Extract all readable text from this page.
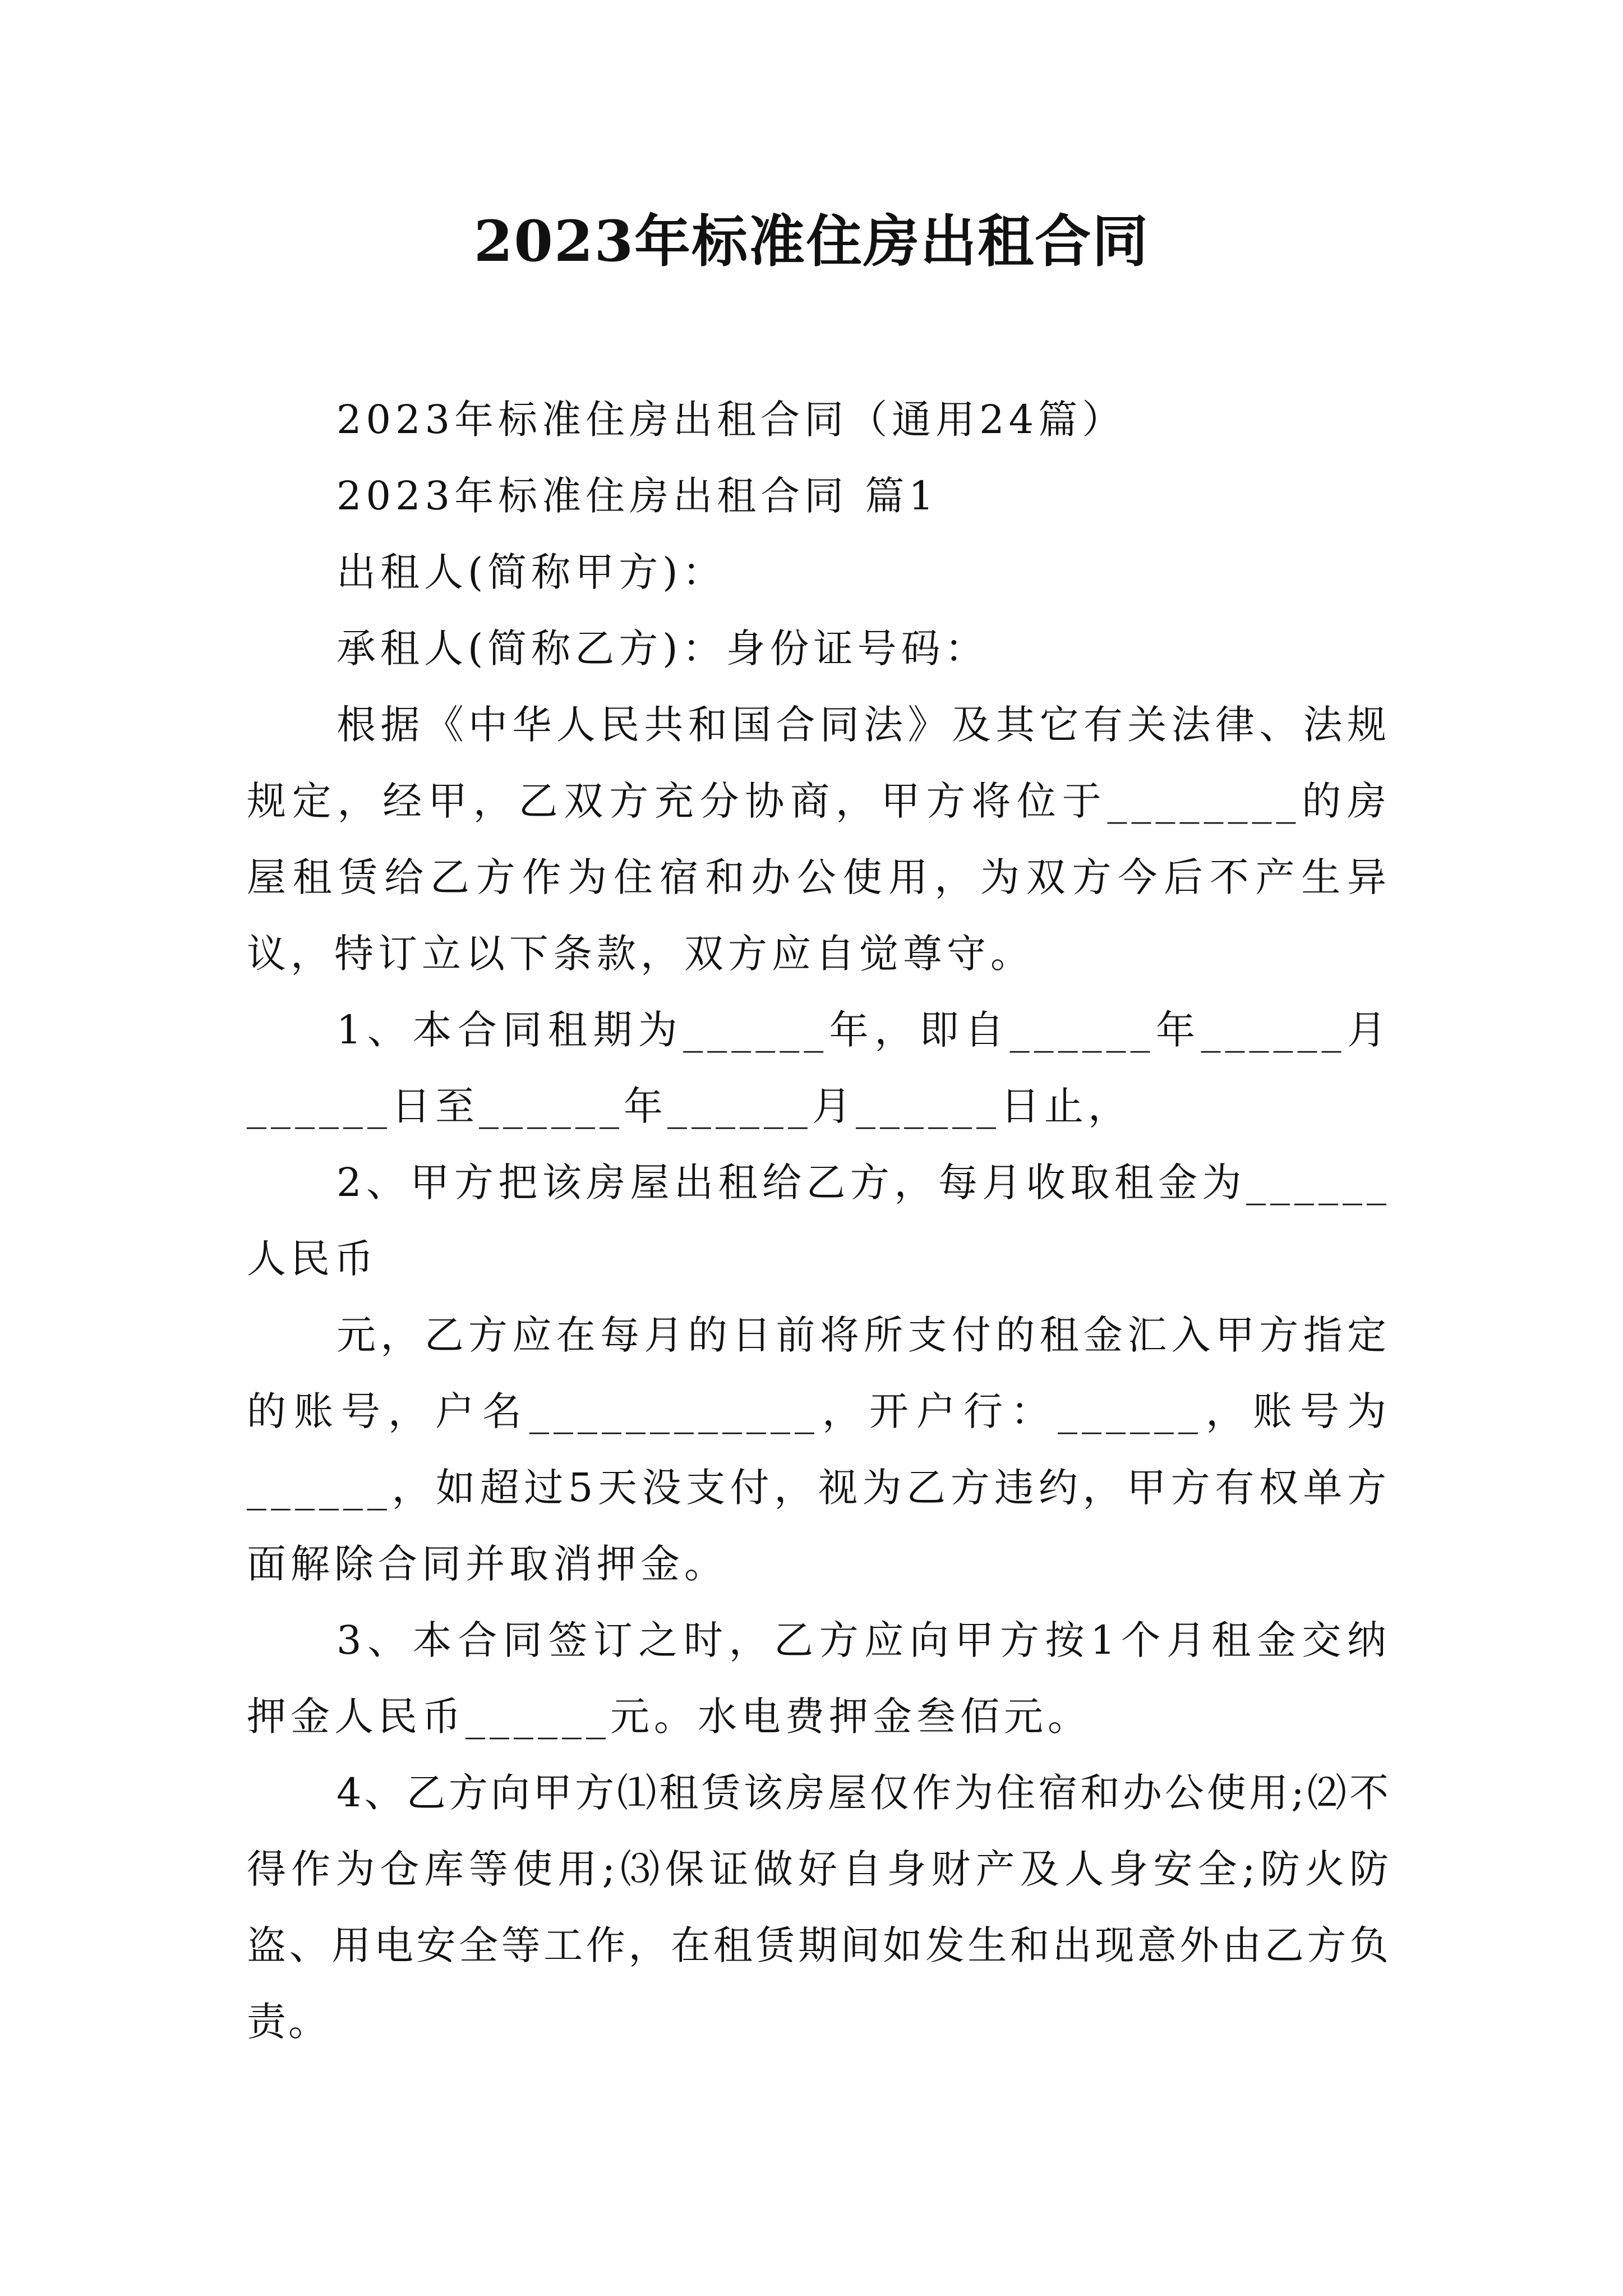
2023年标准住房出租合同

2023年标准住房出租合同（通用24篇）

2023年标准住房出租合同 篇1

出租人(简称甲方)：

承租人(简称乙方)：身份证号码：

根据《中华人民共和国合同法》及其它有关法律、法规规定，经甲，乙双方充分协商，甲方将位于________的房屋租赁给乙方作为住宿和办公使用，为双方今后不产生异议，特订立以下条款，双方应自觉尊守。

1、本合同租期为______年，即自______年______月______日至______年______月______日止，

2、甲方把该房屋出租给乙方，每月收取租金为______人民币

元，乙方应在每月的日前将所支付的租金汇入甲方指定的账号，户名____________，开户行：______，账号为______，如超过5天没支付，视为乙方违约，甲方有权单方面解除合同并取消押金。

3、本合同签订之时，乙方应向甲方按1个月租金交纳押金人民币______元。水电费押金叁佰元。

4、乙方向甲方⑴租赁该房屋仅作为住宿和办公使用;⑵不得作为仓库等使用;⑶保证做好自身财产及人身安全;防火防盗、用电安全等工作，在租赁期间如发生和出现意外由乙方负责。
